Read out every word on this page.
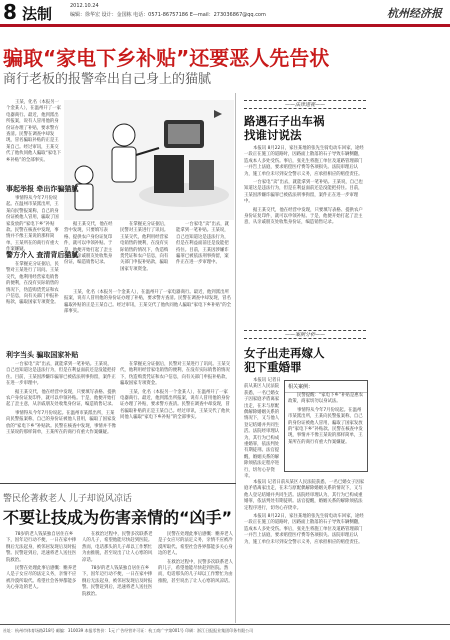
8 法制	2012.10.24
编辑：徐华宏 设计：金国栋 电话：0571-86757186 E—mail：273036867@qq.com	杭州经济报
骗取“家电下乡补贴”还要恶人先告状
商行老板的报警牵出自己身上的猫腻

王某，化名（本报另一个金某人），在温州开了一家电器商行。最近，他到派出所报案，说有人冒用他的身份证办理了补贴，要求警方查清。民警在调查中却发现，冒名骗取补贴的正是王某自己。经过审讯，王某交代了他伙同他人骗取“家电下乡补贴”的全部事实。

事起举报 牵出诈骗猫腻

事情得从今年7月份说起。在温州市某派出所，王某向民警报案称，自己的身份证被他人冒用，骗取了国家发放的“家电下乡”补贴款。民警在核查中发现，事情并不像王某说的那样简单，王某所在的商行有重大作案嫌疑。

据王某交代，他在经营中发现，只要填写表格、提供农户身份证复印件，就可以申领补贴。于是，他便开始打起了歪主意，从亲戚朋友处收集身份证，编造销售记录。

在掌握充分证据后，民警对王某进行了讯问。王某交代，他利用经营家电销售的便利，在没有实际销售的情况下，伪造购货凭证和农户信息，向有关部门申报补贴款，骗取国家专项资金。

一台家电“卖”出去，就能拿到一笔补贴。王某说，自己也知道这是违法行为，但是在利益面前还是没能把持住。目前，王某因涉嫌诈骗罪已被依法刑事拘留，案件正在进一步审理中。

警方介入 查清背后猫腻

在掌握充分证据后，民警对王某进行了讯问。王某交代，他利用经营家电销售的便利，在没有实际销售的情况下，伪造购货凭证和农户信息，向有关部门申报补贴款，骗取国家专项资金。

王某，化名（本报另一个金某人），在温州开了一家电器商行。最近，他到派出所报案，说有人冒用他的身份证办理了补贴，要求警方查清。民警在调查中却发现，冒名骗取补贴的正是王某自己。经过审讯，王某交代了他伙同他人骗取“家电下乡补贴”的全部事实。

利字当头 骗取国家补贴

一台家电“卖”出去，就能拿到一笔补贴。王某说，自己也知道这是违法行为，但是在利益面前还是没能把持住。目前，王某因涉嫌诈骗罪已被依法刑事拘留，案件正在进一步审理中。

据王某交代，他在经营中发现，只要填写表格、提供农户身份证复印件，就可以申领补贴。于是，他便开始打起了歪主意，从亲戚朋友处收集身份证，编造销售记录。

事情得从今年7月份说起。在温州市某派出所，王某向民警报案称，自己的身份证被他人冒用，骗取了国家发放的“家电下乡”补贴款。民警在核查中发现，事情并不像王某说的那样简单，王某所在的商行有重大作案嫌疑。

在掌握充分证据后，民警对王某进行了讯问。王某交代，他利用经营家电销售的便利，在没有实际销售的情况下，伪造购货凭证和农户信息，向有关部门申报补贴款，骗取国家专项资金。

王某，化名（本报另一个金某人），在温州开了一家电器商行。最近，他到派出所报案，说有人冒用他的身份证办理了补贴，要求警方查清。民警在调查中却发现，冒名骗取补贴的正是王某自己。经过审讯，王某交代了他伙同他人骗取“家电下乡补贴”的全部事实。

相关案例：

民警提醒：“家电下乡”补贴是惠农政策，商家切勿以身试法。

事情得从今年7月份说起。在温州市某派出所，王某向民警报案称，自己的身份证被他人冒用，骗取了国家发放的“家电下乡”补贴款。民警在核查中发现，事情并不像王某说的那样简单，王某所在的商行有重大作案嫌疑。

——法律透视——
路遇石子出车祸
找谁讨说法

本报讯 8月22日，家住某地的张先生骑电动车回家，途经一段正在施工的道路时，因路面上散落的石子导致车辆侧翻，造成本人多处受伤。事后，张先生将施工单位及道路管理部门一并告上法庭，要求赔偿医疗费等各项损失。法院审理后认为，施工单位未尽到安全警示义务，应承担相应的赔偿责任。

一台家电“卖”出去，就能拿到一笔补贴。王某说，自己也知道这是违法行为，但是在利益面前还是没能把持住。目前，王某因涉嫌诈骗罪已被依法刑事拘留，案件正在进一步审理中。

据王某交代，他在经营中发现，只要填写表格、提供农户身份证复印件，就可以申领补贴。于是，他便开始打起了歪主意，从亲戚朋友处收集身份证，编造销售记录。

——案例分析——
女子出走再嫁人
犯下重婚罪

本报讯 记者日前从某区人民法院获悉，一名已婚女子因家庭矛盾离家出走，在未与原配偶解除婚姻关系的情况下，又与他人登记结婚并共同生活。法院经审理认为，其行为已构成重婚罪，依法判处有期徒刑。法官提醒，婚姻关系的解除须依法定程序进行，切勿心存侥幸。

本报讯 记者日前从某区人民法院获悉，一名已婚女子因家庭矛盾离家出走，在未与原配偶解除婚姻关系的情况下，又与他人登记结婚并共同生活。法院经审理认为，其行为已构成重婚罪，依法判处有期徒刑。法官提醒，婚姻关系的解除须依法定程序进行，切勿心存侥幸。

本报讯 8月22日，家住某地的张先生骑电动车回家，途经一段正在施工的道路时，因路面上散落的石子导致车辆侧翻，造成本人多处受伤。事后，张先生将施工单位及道路管理部门一并告上法庭，要求赔偿医疗费等各项损失。法院审理后认为，施工单位未尽到安全警示义务，应承担相应的赔偿责任。

警民伦著救老人 儿子却说风凉话
不要让技成为伤害亲情的“凶手”

78岁的老人钱某独自居住在乡下，因年迈行动不便，一日在家中摔倒后无法起身，被邻居发现后及时报警。民警赶到后，迅速将老人送往医院救治。

民警在处理此事后感慨：赡养老人是子女应尽的法定义务，亲情不应被冷漠所取代。希望社会各界都能多关心身边的老人。

在救治过程中，民警多次联系老人的儿子，希望他能尽快赶到医院。然而，电话那头的儿子却以工作繁忙为由推脱，甚至说出了让人心寒的风凉话。

78岁的老人钱某独自居住在乡下，因年迈行动不便，一日在家中摔倒后无法起身，被邻居发现后及时报警。民警赶到后，迅速将老人送往医院救治。

民警在处理此事后感慨：赡养老人是子女应尽的法定义务，亲情不应被冷漠所取代。希望社会各界都能多关心身边的老人。

在救治过程中，民警多次联系老人的儿子，希望他能尽快赶到医院。然而，电话那头的儿子却以工作繁忙为由推脱，甚至说出了让人心寒的风凉话。

社址：杭州市体育场路218号 邮编：310039 本报零售价：1元 广告经营许可证：杭工商广字第001号 印刷：浙江日报报业集团印务有限公司
